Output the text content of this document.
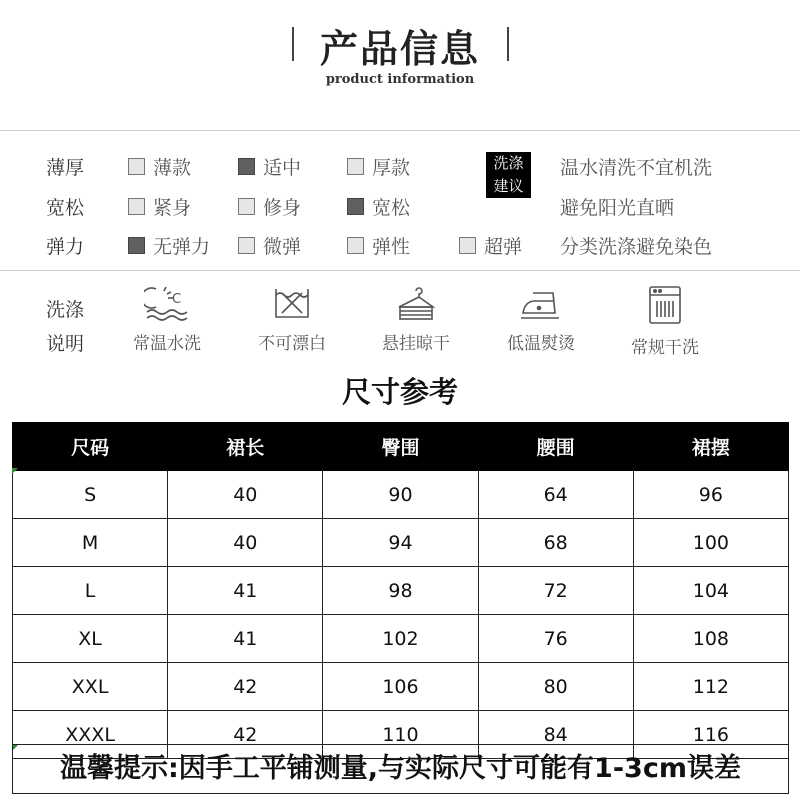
产品信息
product information
薄厚	薄款	适中	厚款
宽松	紧身	修身	宽松
弹力	无弹力	微弹	弹性	超弹
洗涤
建议
温水清洗不宜机洗
避免阳光直晒
分类洗涤避免染色
洗涤
说明
C
常温水洗	不可漂白	悬挂晾干	低温熨烫	常规干洗
尺寸参考
尺码	裙长	臀围	腰围	裙摆
S	40	90	64	96
M	40	94	68	100
L	41	98	72	104
XL	41	102	76	108
XXL	42	106	80	112
XXXL	42	110	84	116
温馨提示:因手工平铺测量,与实际尺寸可能有1-3cm误差
